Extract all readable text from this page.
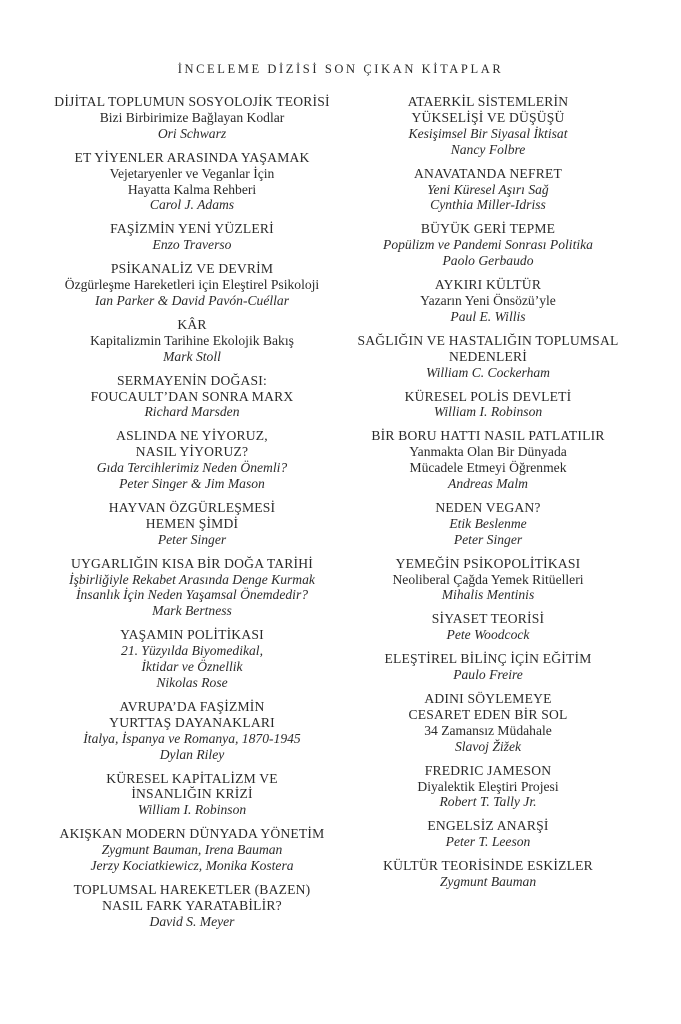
İNCELEME DİZİSİ SON ÇIKAN KİTAPLAR
DİJİTAL TOPLUMUN SOSYOLOJİK TEORİSİ
Bizi Birbirimize Bağlayan Kodlar
Ori Schwarz
ET YİYENLER ARASINDA YAŞAMAK
Vejetaryenler ve Veganlar İçin
Hayatta Kalma Rehberi
Carol J. Adams
FAŞİZMİN YENİ YÜZLERİ
Enzo Traverso
PSİKANALİZ VE DEVRİM
Özgürleşme Hareketleri için Eleştirel Psikoloji
Ian Parker & David Pavón-Cuéllar
KÂR
Kapitalizmin Tarihine Ekolojik Bakış
Mark Stoll
SERMAYENİN DOĞASI:
FOUCAULT’DAN SONRA MARX
Richard Marsden
ASLINDA NE YİYORUZ,
NASIL YİYORUZ?
Gıda Tercihlerimiz Neden Önemli?
Peter Singer & Jim Mason
HAYVAN ÖZGÜRLEŞMESİ
HEMEN ŞİMDİ
Peter Singer
UYGARLIĞIN KISA BİR DOĞA TARİHİ
İşbirliğiyle Rekabet Arasında Denge Kurmak
İnsanlık İçin Neden Yaşamsal Önemdedir?
Mark Bertness
YAŞAMIN POLİTİKASI
21. Yüzyılda Biyomedikal,
İktidar ve Öznellik
Nikolas Rose
AVRUPA’DA FAŞİZMİN
YURTTAŞ DAYANAKLARI
İtalya, İspanya ve Romanya, 1870-1945
Dylan Riley
KÜRESEL KAPİTALİZM VE
İNSANLIĞIN KRİZİ
William I. Robinson
AKIŞKAN MODERN DÜNYADA YÖNETİM
Zygmunt Bauman, Irena Bauman
Jerzy Kociatkiewicz, Monika Kostera
TOPLUMSAL HAREKETLER (BAZEN)
NASIL FARK YARATABİLİR?
David S. Meyer
ATAERKİL SİSTEMLERİN
YÜKSELİŞİ VE DÜŞÜŞÜ
Kesişimsel Bir Siyasal İktisat
Nancy Folbre
ANAVATANDA NEFRET
Yeni Küresel Aşırı Sağ
Cynthia Miller-Idriss
BÜYÜK GERİ TEPME
Popülizm ve Pandemi Sonrası Politika
Paolo Gerbaudo
AYKIRI KÜLTÜR
Yazarın Yeni Önsözü’yle
Paul E. Willis
SAĞLIĞIN VE HASTALIĞIN TOPLUMSAL
NEDENLERİ
William C. Cockerham
KÜRESEL POLİS DEVLETİ
William I. Robinson
BİR BORU HATTI NASIL PATLATILIR
Yanmakta Olan Bir Dünyada
Mücadele Etmeyi Öğrenmek
Andreas Malm
NEDEN VEGAN?
Etik Beslenme
Peter Singer
YEMEĞİN PSİKOPOLİTİKASI
Neoliberal Çağda Yemek Ritüelleri
Mihalis Mentinis
SİYASET TEORİSİ
Pete Woodcock
ELEŞTİREL BİLİNÇ İÇİN EĞİTİM
Paulo Freire
ADINI SÖYLEMEYE
CESARET EDEN BİR SOL
34 Zamansız Müdahale
Slavoj Žižek
FREDRIC JAMESON
Diyalektik Eleştiri Projesi
Robert T. Tally Jr.
ENGELSİZ ANARŞİ
Peter T. Leeson
KÜLTÜR TEORİSİNDE ESKİZLER
Zygmunt Bauman
